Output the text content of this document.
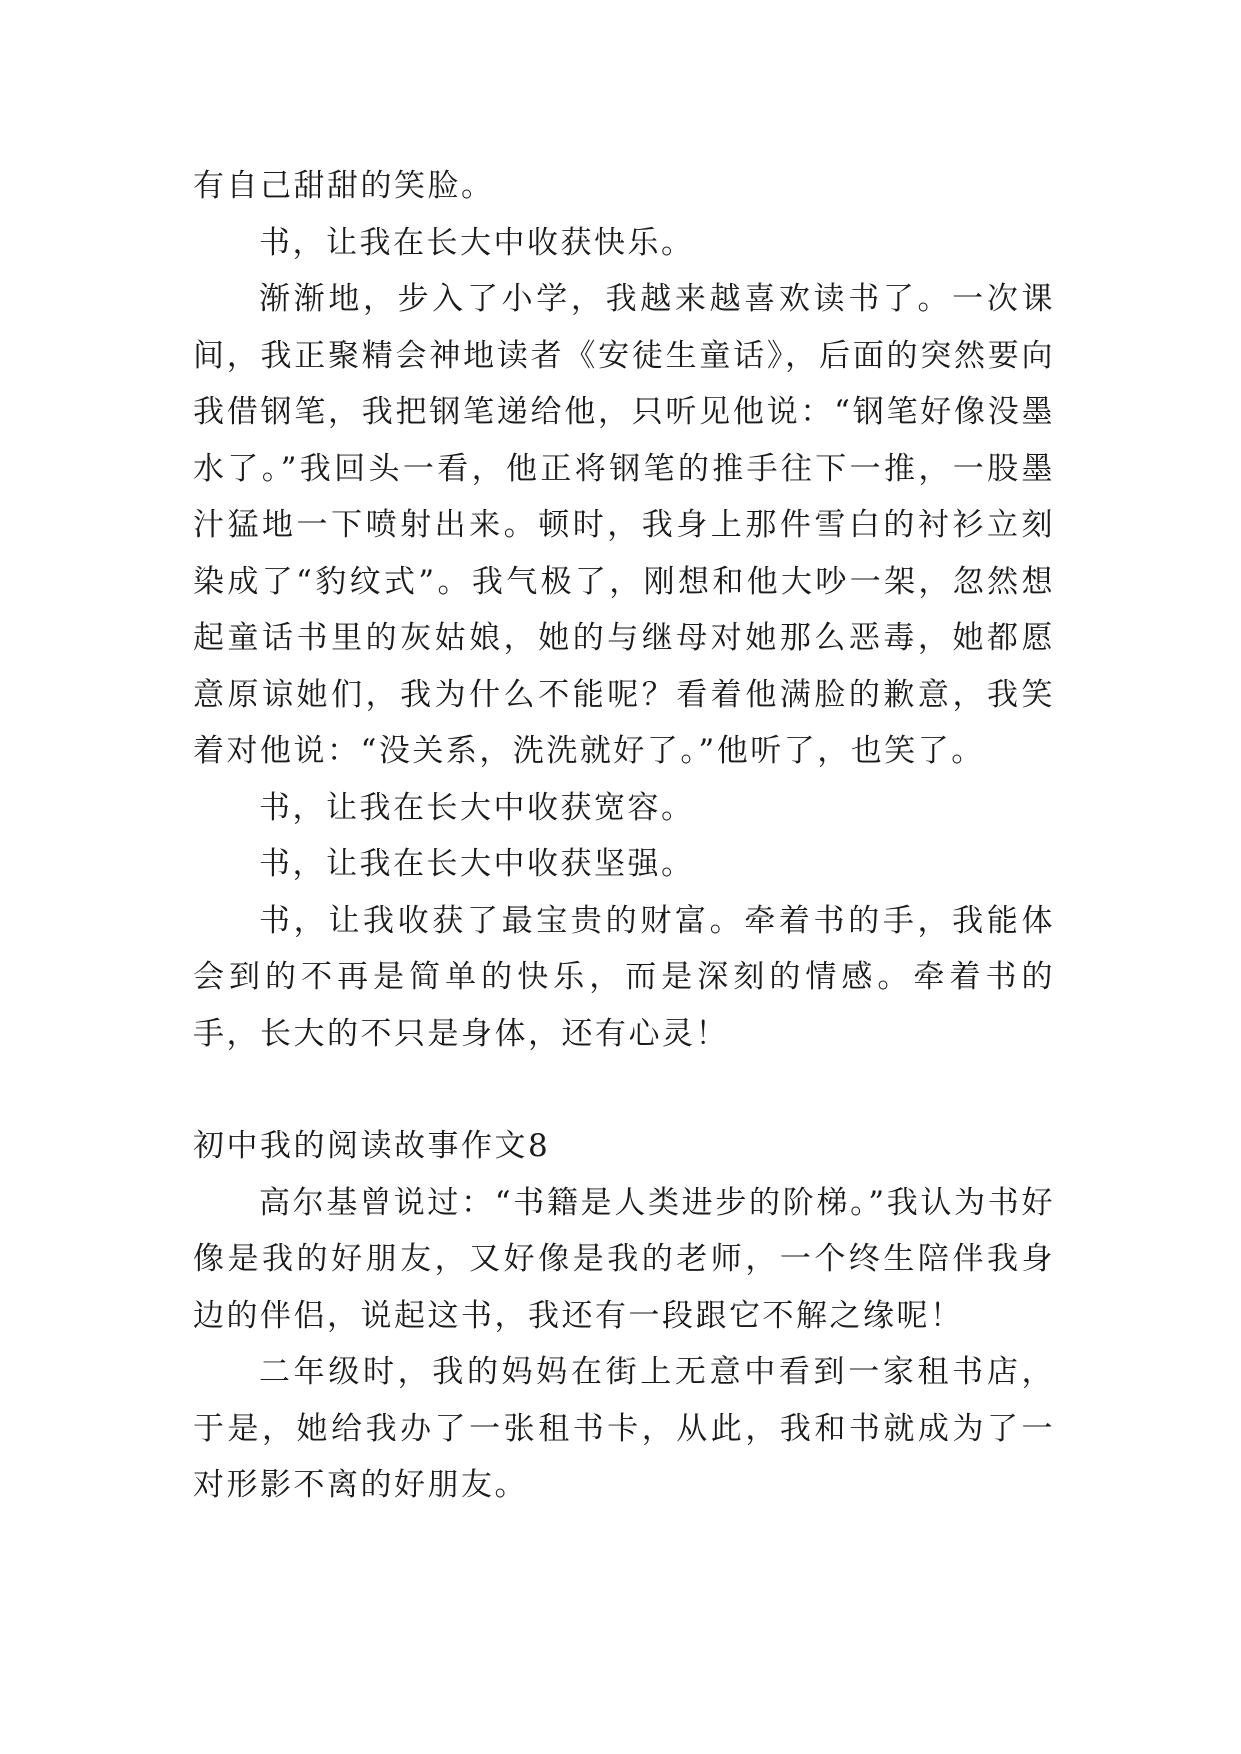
有自己甜甜的笑脸。

书，让我在长大中收获快乐。

渐渐地，步入了小学，我越来越喜欢读书了。一次课间，我正聚精会神地读者《安徒生童话》，后面的突然要向我借钢笔，我把钢笔递给他，只听见他说：“钢笔好像没墨水了。”我回头一看，他正将钢笔的推手往下一推，一股墨汁猛地一下喷射出来。顿时，我身上那件雪白的衬衫立刻染成了“豹纹式”。我气极了，刚想和他大吵一架，忽然想起童话书里的灰姑娘，她的与继母对她那么恶毒，她都愿意原谅她们，我为什么不能呢？看着他满脸的歉意，我笑着对他说：“没关系，洗洗就好了。”他听了，也笑了。

书，让我在长大中收获宽容。

书，让我在长大中收获坚强。

书，让我收获了最宝贵的财富。牵着书的手，我能体会到的不再是简单的快乐，而是深刻的情感。牵着书的手，长大的不只是身体，还有心灵！

初中我的阅读故事作文8

高尔基曾说过：“书籍是人类进步的阶梯。”我认为书好像是我的好朋友，又好像是我的老师，一个终生陪伴我身边的伴侣，说起这书，我还有一段跟它不解之缘呢！

二年级时，我的妈妈在街上无意中看到一家租书店，于是，她给我办了一张租书卡，从此，我和书就成为了一对形影不离的好朋友。
